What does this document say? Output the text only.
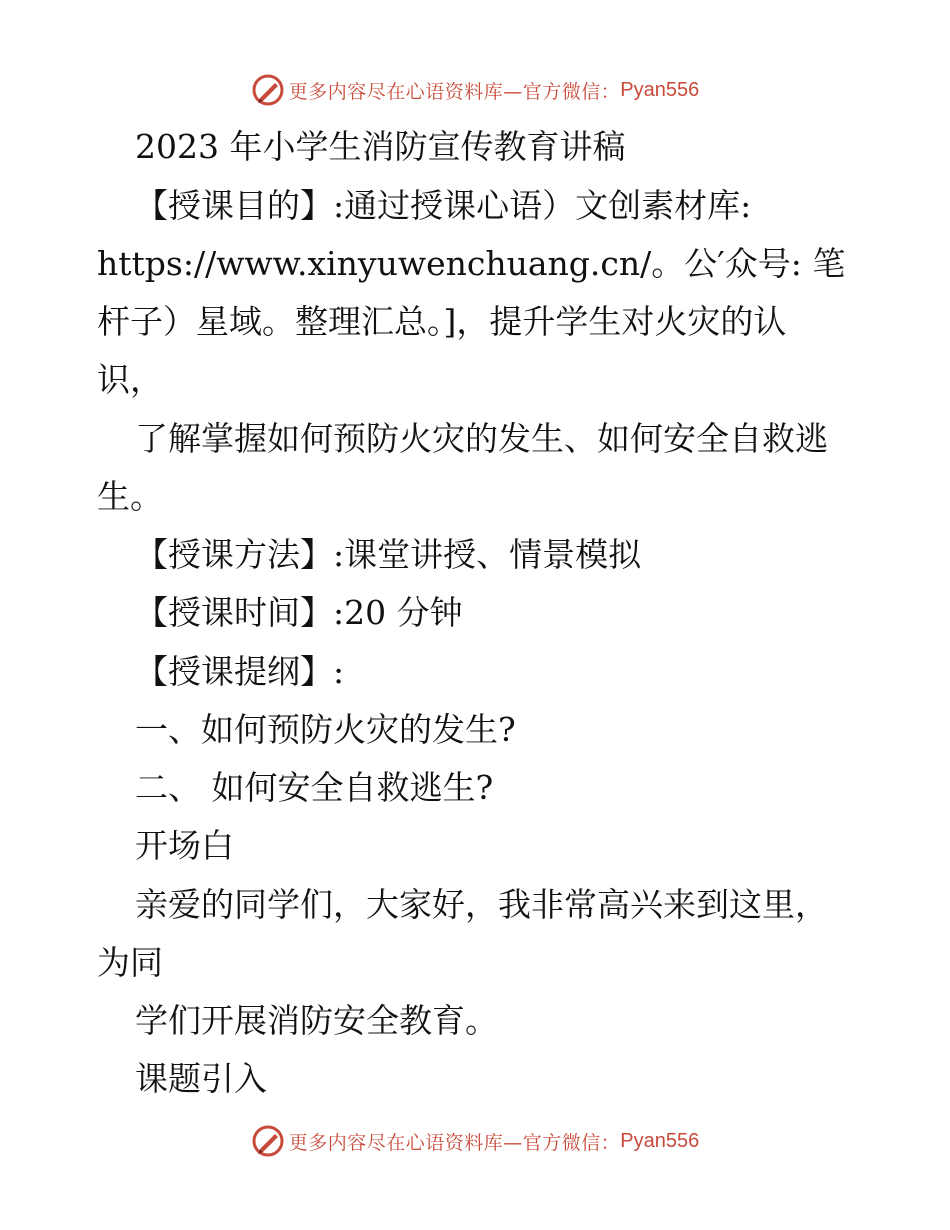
更多内容尽在心语资料库—官方微信： Pyan556
2023 年小学生消防宣传教育讲稿
【授课目的】:通过授课心语）文创素材库:
https://www.xinyuwenchuang.cn/。公′众号: 笔
杆子）星域。整理汇总。]，提升学生对火灾的认
识，
了解掌握如何预防火灾的发生、如何安全自救逃
生。
【授课方法】:课堂讲授、情景模拟
【授课时间】:20 分钟
【授课提纲】:
一、如何预防火灾的发生?
二、 如何安全自救逃生?
开场白
亲爱的同学们，大家好，我非常高兴来到这里，
为同
学们开展消防安全教育。
课题引入
更多内容尽在心语资料库—官方微信： Pyan556
